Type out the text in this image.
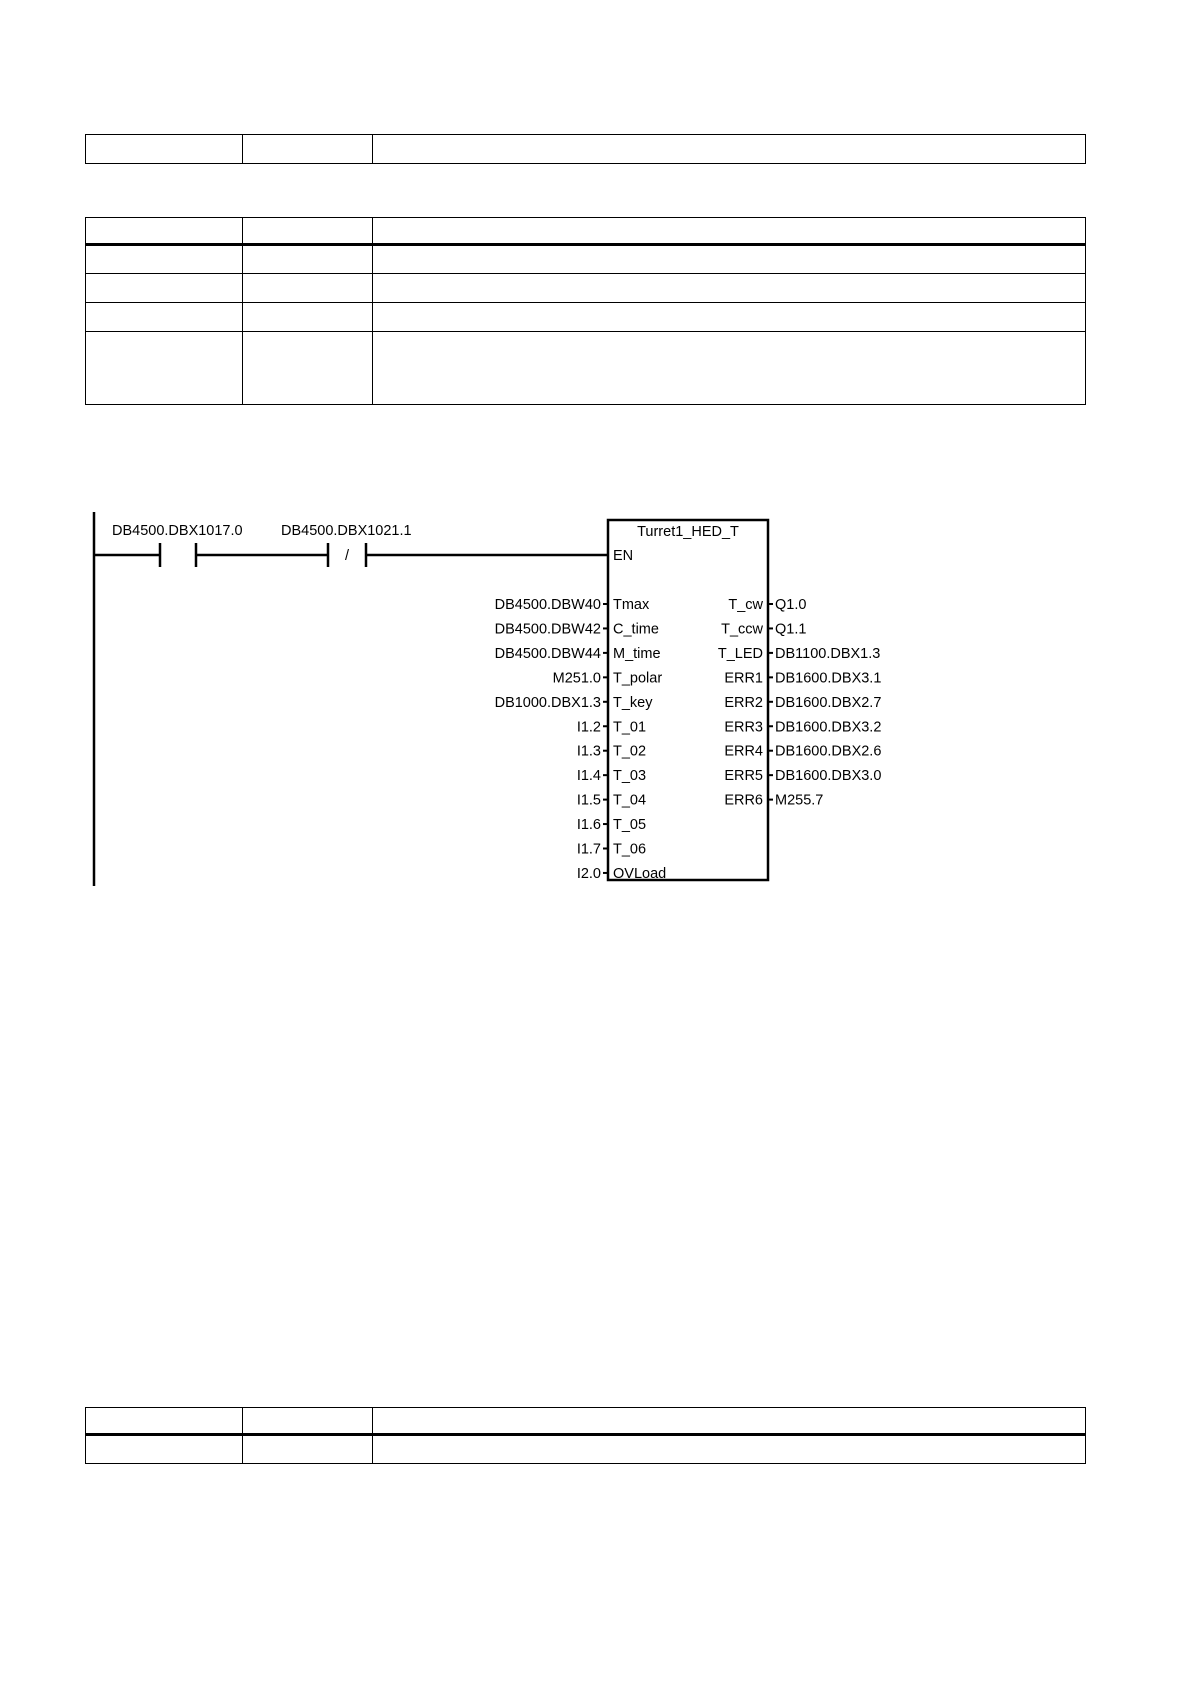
DB4500.DBX1017.0
/
DB4500.DBX1021.1	Turret1_HED_T
EN
Tmax
DB4500.DBW40
C_time
DB4500.DBW42
M_time
DB4500.DBW44
T_polar
M251.0
T_key
DB1000.DBX1.3
T_01
I1.2
T_02
I1.3
T_03
I1.4
T_04
I1.5
T_05
I1.6
T_06
I1.7
OVLoad
I2.0
T_cw Q1.0
T_ccw Q1.1
T_LED DB1100.DBX1.3
ERR1 DB1600.DBX3.1
ERR2 DB1600.DBX2.7
ERR3 DB1600.DBX3.2
ERR4 DB1600.DBX2.6
ERR5 DB1600.DBX3.0
ERR6 M255.7
